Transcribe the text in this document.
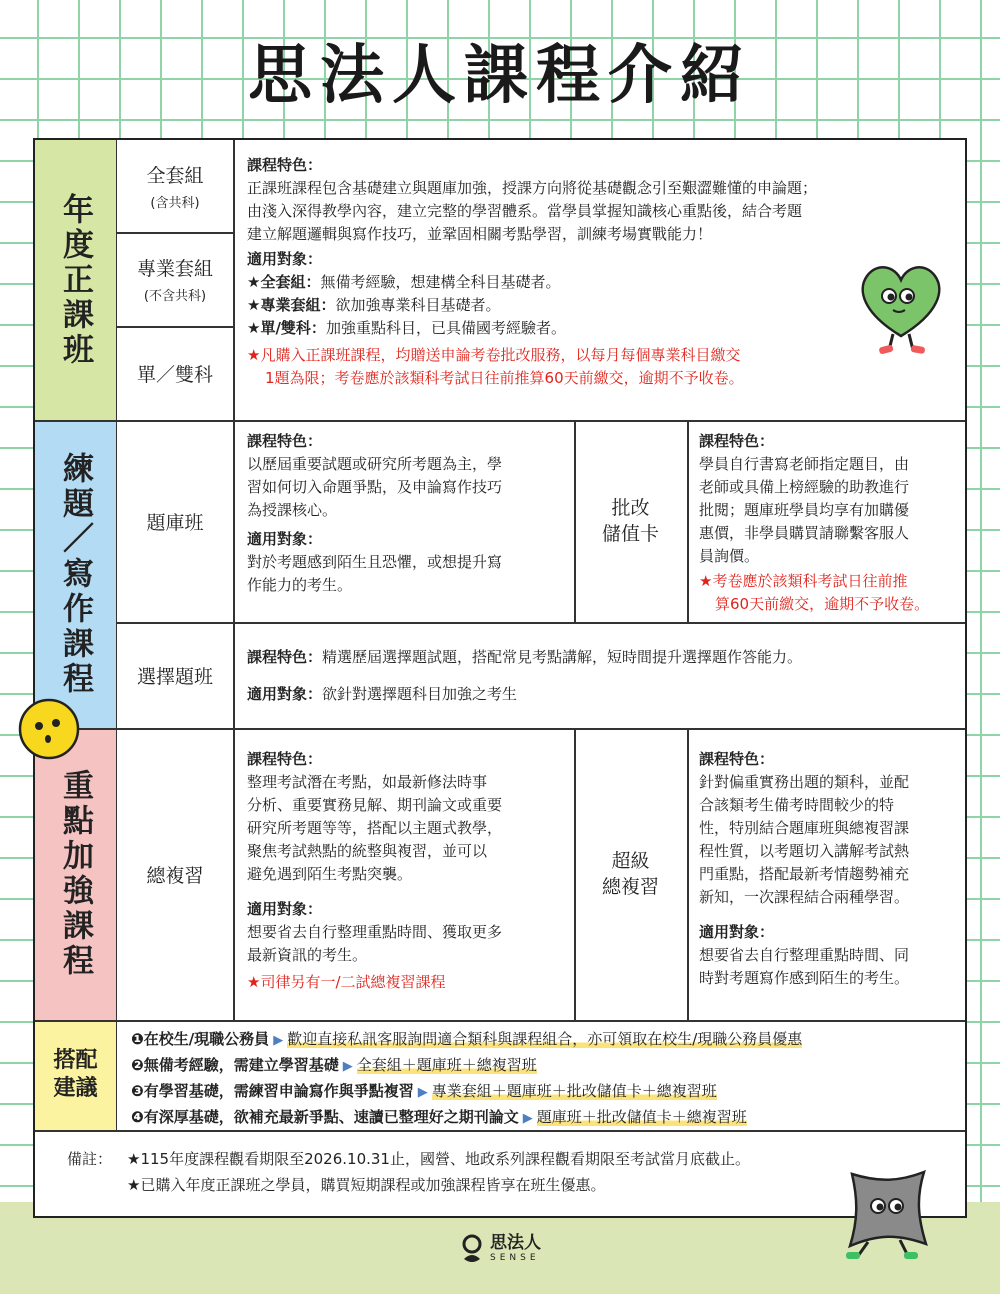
思法人課程介紹
年度正課班
練題／寫作課程
重點加強課程
搭配
建議
全套組
(含共科)
專業套組
(不含共科)
單／雙科
課程特色：
正課班課程包含基礎建立與題庫加強，授課方向將從基礎觀念引至艱澀難懂的申論題；
由淺入深得教學內容，建立完整的學習體系。當學員掌握知識核心重點後，結合考題
建立解題邏輯與寫作技巧，並鞏固相關考點學習，訓練考場實戰能力！
適用對象：
★全套組：無備考經驗，想建構全科目基礎者。
★專業套組：欲加強專業科目基礎者。
★單/雙科：加強重點科目，已具備國考經驗者。
★凡購入正課班課程，均贈送申論考卷批改服務，以每月每個專業科目繳交
1題為限；考卷應於該類科考試日往前推算60天前繳交，逾期不予收卷。
題庫班
課程特色：
以歷屆重要試題或研究所考題為主，學
習如何切入命題爭點，及申論寫作技巧
為授課核心。
適用對象：
對於考題感到陌生且恐懼，或想提升寫
作能力的考生。
批改
儲值卡
課程特色：
學員自行書寫老師指定題目，由
老師或具備上榜經驗的助教進行
批閱；題庫班學員均享有加購優
惠價，非學員購買請聯繫客服人
員詢價。
★考卷應於該類科考試日往前推
算60天前繳交，逾期不予收卷。
選擇題班
課程特色：精選歷屆選擇題試題，搭配常見考點講解，短時間提升選擇題作答能力。
適用對象：欲針對選擇題科目加強之考生
總複習
課程特色：
整理考試潛在考點，如最新修法時事
分析、重要實務見解、期刊論文或重要
研究所考題等等，搭配以主題式教學，
聚焦考試熱點的統整與複習，並可以
避免遇到陌生考點突襲。
適用對象：
想要省去自行整理重點時間、獲取更多
最新資訊的考生。
★司律另有一/二試總複習課程
超級
總複習
課程特色：
針對偏重實務出題的類科，並配
合該類考生備考時間較少的特
性，特別結合題庫班與總複習課
程性質，以考題切入講解考試熱
門重點，搭配最新考情趨勢補充
新知，一次課程結合兩種學習。
適用對象：
想要省去自行整理重點時間、同
時對考題寫作感到陌生的考生。
❶在校生/現職公務員 ▶ 歡迎直接私訊客服詢問適合類科與課程組合，亦可領取在校生/現職公務員優惠
❷無備考經驗，需建立學習基礎 ▶ 全套組＋題庫班＋總複習班
❸有學習基礎，需練習申論寫作與爭點複習 ▶ 專業套組＋題庫班＋批改儲值卡＋總複習班
❹有深厚基礎，欲補充最新爭點、速讀已整理好之期刊論文 ▶ 題庫班＋批改儲值卡＋總複習班
備註： ★115年度課程觀看期限至2026.10.31止，國營、地政系列課程觀看期限至考試當月底截止。
★已購入年度正課班之學員，購買短期課程或加強課程皆享在班生優惠。
思法人
SENSE
